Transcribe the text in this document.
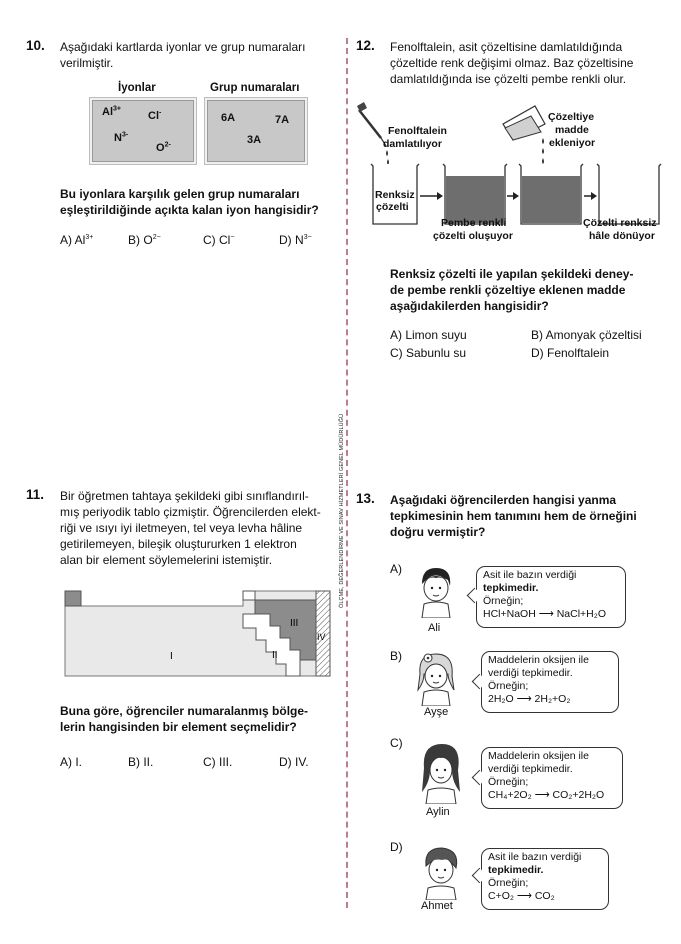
ÖLÇME, DEĞERLENDİRME VE SINAV HİZMETLERİ GENEL MÜDÜRLÜĞÜ
10. Aşağıdaki kartlarda iyonlar ve grup numaraları
verilmiştir.
İyonlar	Grup numaraları
$Al^{3+}$
Cl-
$N^{3-}$
$O^{2-}$
6A	7A
3A
Bu iyonlara karşılık gelen grup numaraları
eşleştirildiğinde açıkta kalan iyon hangisidir?
A) $Al^{3+}$	B) $O^{2-}$	C) Cl−	D) $N^{3-}$
11. Bir öğretmen tahtaya şekildeki gibi sınıflandırıl-
mış periyodik tablo çizmiştir. Öğrencilerden elekt-
riği ve ısıyı iyi iletmeyen, tel veya levha hâline
getirilemeyen, bileşik oluştururken 1 elektron
alan bir element söylemelerini istemiştir.
I	II
III
IV
Buna göre, öğrenciler numaralanmış bölge-
lerin hangisinden bir element seçmelidir?
A) I.	B) II.	C) III.	D) IV.
12. Fenolftalein, asit çözeltisine damlatıldığında
çözeltide renk değişimi olmaz. Baz çözeltisine
damlatıldığında ise çözelti pembe renkli olur.
Fenolftalein
damlatılıyor
Çözeltiye
madde
ekleniyor
Renksiz
çözelti
Pembe renkli
çözelti oluşuyor
Çözelti renksiz
hâle dönüyor
Renksiz çözelti ile yapılan şekildeki deney-
de pembe renkli çözeltiye eklenen madde
aşağıdakilerden hangisidir?
A) Limon suyu	B) Amonyak çözeltisi
C) Sabunlu su	D) Fenolftalein
13. Aşağıdaki öğrencilerden hangisi yanma
tepkimesinin hem tanımını hem de örneğini
doğru vermiştir?
A)
Ali
Asit ile bazın verdiği
tepkimedir.
Örneğin;
HCl+NaOH ⟶ NaCl+H₂O
B)
Ayşe
Maddelerin oksijen ile
verdiği tepkimedir.
Örneğin;
2H₂O ⟶ 2H₂+O₂
C)
Aylin
Maddelerin oksijen ile
verdiği tepkimedir.
Örneğin;
CH₄+2O₂ ⟶ CO₂+2H₂O
D)
Ahmet
Asit ile bazın verdiği
tepkimedir.
Örneğin;
C+O₂ ⟶ CO₂
